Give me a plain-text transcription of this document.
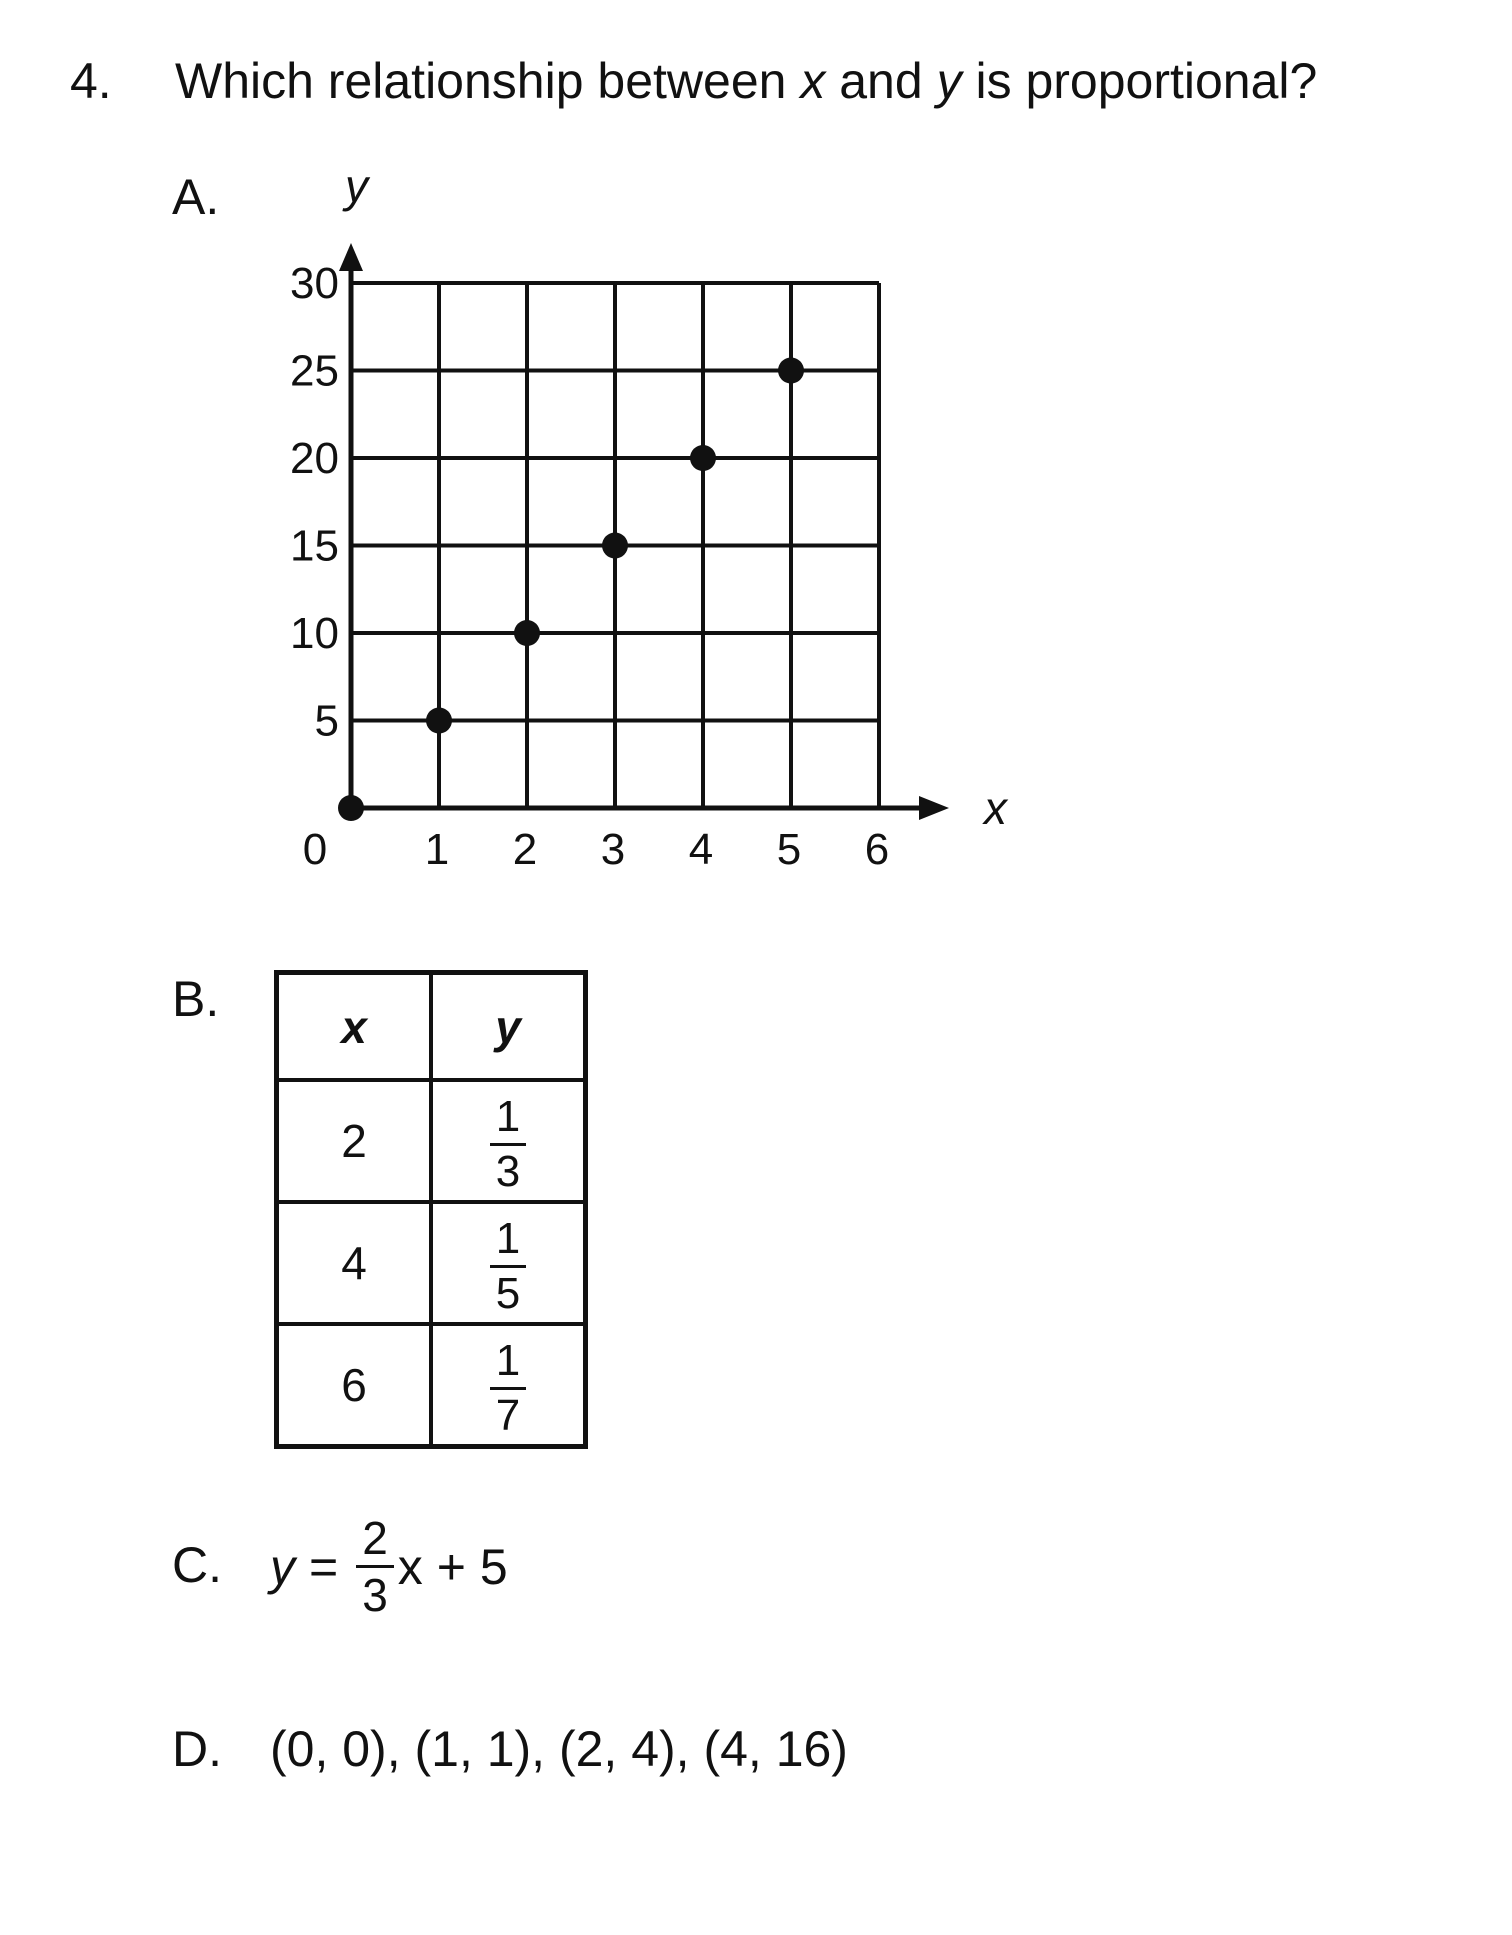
4. Which relationship between x and y is proportional?
A.
0 1 2 3 4 5 6
5
10
15
20
25
30
x
y
B.	x	y
2	$\frac{1}{3}$

4	$\frac{1}{5}$

6	$\frac{1}{7}$
C. $y = \frac{2}{3}$ x + 5
D. (0, 0), (1, 1), (2, 4), (4, 16)
